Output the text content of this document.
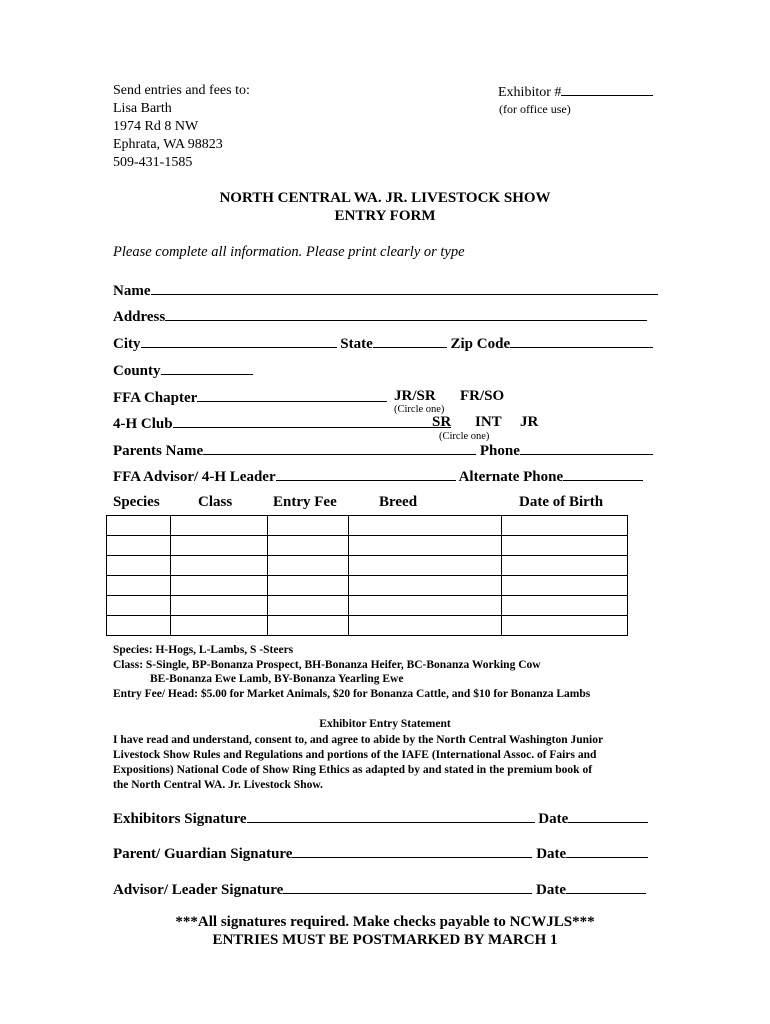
Send entries and fees to:
Lisa Barth
1974 Rd 8 NW
Ephrata, WA 98823
509-431-1585
Exhibitor #
(for office use)
NORTH CENTRAL WA. JR. LIVESTOCK SHOW
ENTRY FORM
Please complete all information. Please print clearly or type
Name
Address
City	State	Zip Code
County
FFA Chapter	JR/SR FR/SO
(Circle one)
4-H Club	SR INT JR
(Circle one)
Parents Name	Phone
FFA Advisor/ 4-H Leader	Alternate Phone
Species	Class	Entry Fee	Breed	Date of Birth

Species: H-Hogs, L-Lambs, S -Steers
Class: S-Single, BP-Bonanza Prospect, BH-Bonanza Heifer, BC-Bonanza Working Cow
BE-Bonanza Ewe Lamb, BY-Bonanza Yearling Ewe
Entry Fee/ Head: $5.00 for Market Animals, $20 for Bonanza Cattle, and $10 for Bonanza Lambs
Exhibitor Entry Statement
I have read and understand, consent to, and agree to abide by the North Central Washington Junior
Livestock Show Rules and Regulations and portions of the IAFE (International Assoc. of Fairs and
Expositions) National Code of Show Ring Ethics as adapted by and stated in the premium book of
the North Central WA. Jr. Livestock Show.
Exhibitors Signature	Date
Parent/ Guardian Signature	Date
Advisor/ Leader Signature	Date
***All signatures required. Make checks payable to NCWJLS***
ENTRIES MUST BE POSTMARKED BY MARCH 1
